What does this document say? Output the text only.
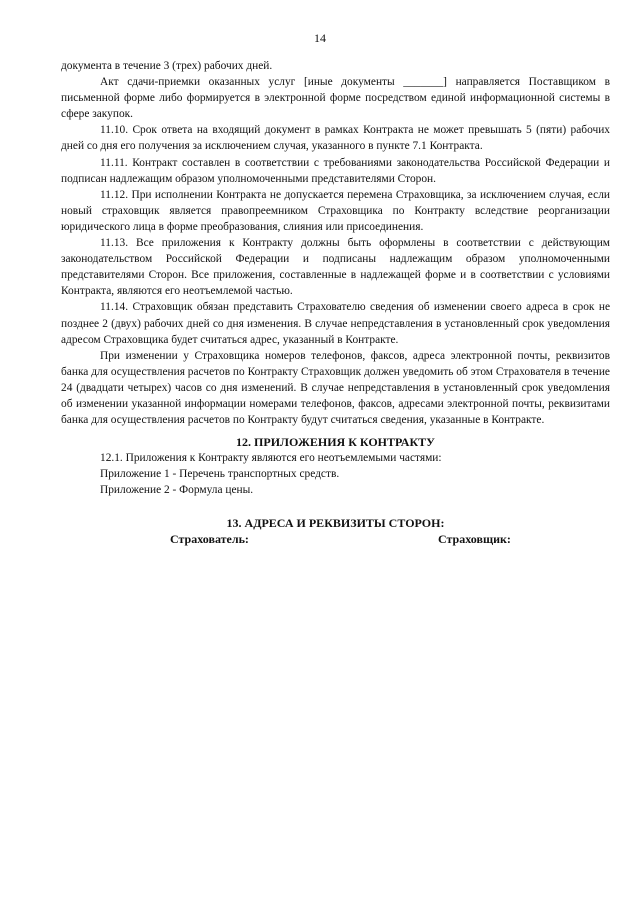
14

документа в течение 3 (трех) рабочих дней.

Акт сдачи-приемки оказанных услуг [иные документы _______] направляется Поставщиком в письменной форме либо формируется в электронной форме посредством единой информационной системы в сфере закупок.

11.10. Срок ответа на входящий документ в рамках Контракта не может превышать 5 (пяти) рабочих дней со дня его получения за исключением случая, указанного в пункте 7.1 Контракта.

11.11. Контракт составлен в соответствии с требованиями законодательства Российской Федерации и подписан надлежащим образом уполномоченными представителями Сторон.

11.12. При исполнении Контракта не допускается перемена Страховщика, за исключением случая, если новый страховщик является правопреемником Страховщика по Контракту вследствие реорганизации юридического лица в форме преобразования, слияния или присоединения.

11.13. Все приложения к Контракту должны быть оформлены в соответствии с действующим законодательством Российской Федерации и подписаны надлежащим образом уполномоченными представителями Сторон. Все приложения, составленные в надлежащей форме и в соответствии с условиями Контракта, являются его неотъемлемой частью.

11.14. Страховщик обязан представить Страхователю сведения об изменении своего адреса в срок не позднее 2 (двух) рабочих дней со дня изменения. В случае непредставления в установленный срок уведомления адресом Страховщика будет считаться адрес, указанный в Контракте.

При изменении у Страховщика номеров телефонов, факсов, адреса электронной почты, реквизитов банка для осуществления расчетов по Контракту Страховщик должен уведомить об этом Страхователя в течение 24 (двадцати четырех) часов со дня изменений. В случае непредставления в установленный срок уведомления об изменении указанной информации номерами телефонов, факсов, адресами электронной почты, реквизитами банка для осуществления расчетов по Контракту будут считаться сведения, указанные в Контракте.

12. ПРИЛОЖЕНИЯ К КОНТРАКТУ

12.1. Приложения к Контракту являются его неотъемлемыми частями:

Приложение 1 - Перечень транспортных средств.

Приложение 2 - Формула цены.

13. АДРЕСА И РЕКВИЗИТЫ СТОРОН:

Страхователь:	Страховщик:
